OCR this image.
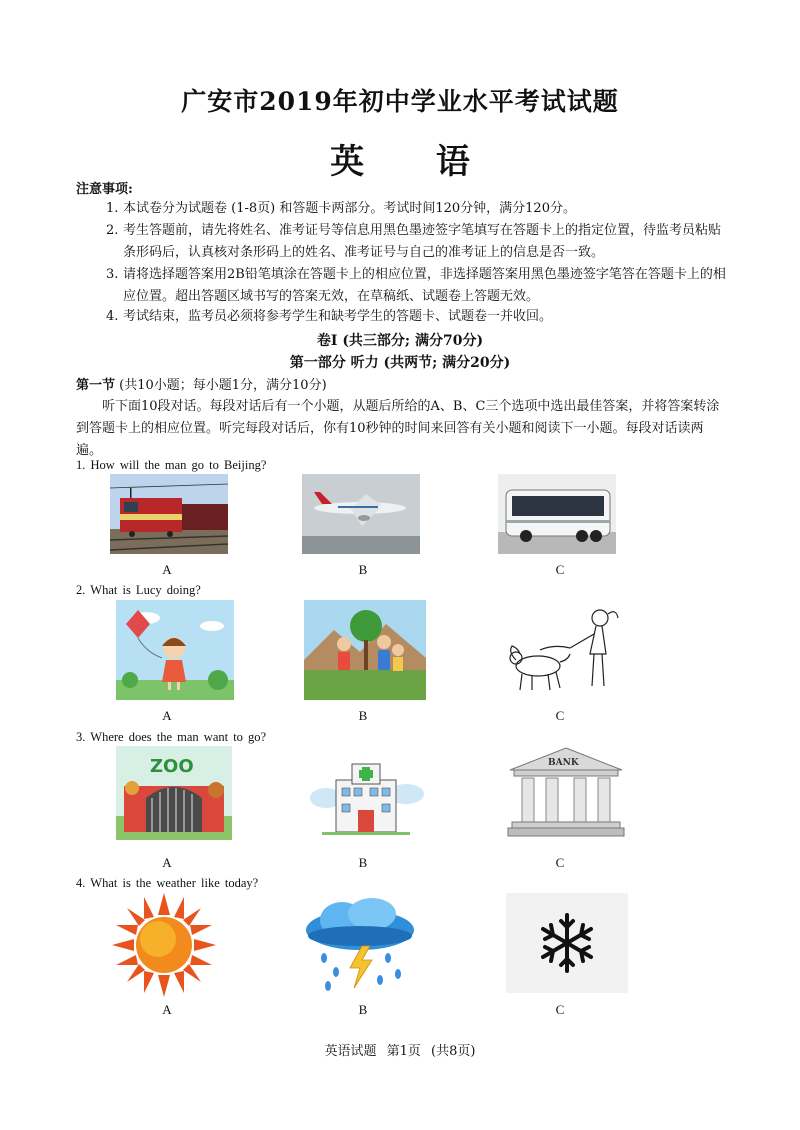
广安市2019年初中学业水平考试试题
英 语
注意事项:
1. 本试卷分为试题卷 (1-8页) 和答题卡两部分。考试时间120分钟，满分120分。
2. 考生答题前，请先将姓名、准考证号等信息用黑色墨迹签字笔填写在答题卡上的指定位置，待监考员粘贴条形码后，认真核对条形码上的姓名、准考证号与自己的准考证上的信息是否一致。
3. 请将选择题答案用2B铅笔填涂在答题卡上的相应位置，非选择题答案用黑色墨迹签字笔答在答题卡上的相应位置。超出答题区域书写的答案无效，在草稿纸、试题卷上答题无效。
4. 考试结束，监考员必须将参考学生和缺考学生的答题卡、试题卷一并收回。
卷I (共三部分; 满分70分)
第一部分 听力 (共两节; 满分20分)
第一节 (共10小题；每小题1分，满分10分)
听下面10段对话。每段对话后有一个小题，从题后所给的A、B、C三个选项中选出最佳答案，并将答案转涂到答题卡上的相应位置。听完每段对话后，你有10秒钟的时间来回答有关小题和阅读下一小题。每段对话读两遍。
1. How will the man go to Beijing?
A	B	C
2. What is Lucy doing?
A	B	C
3. Where does the man want to go?
ZOO	BANK
A	B	C
4. What is the weather like today?
A	B	C
英语试题 第1页 (共8页)
